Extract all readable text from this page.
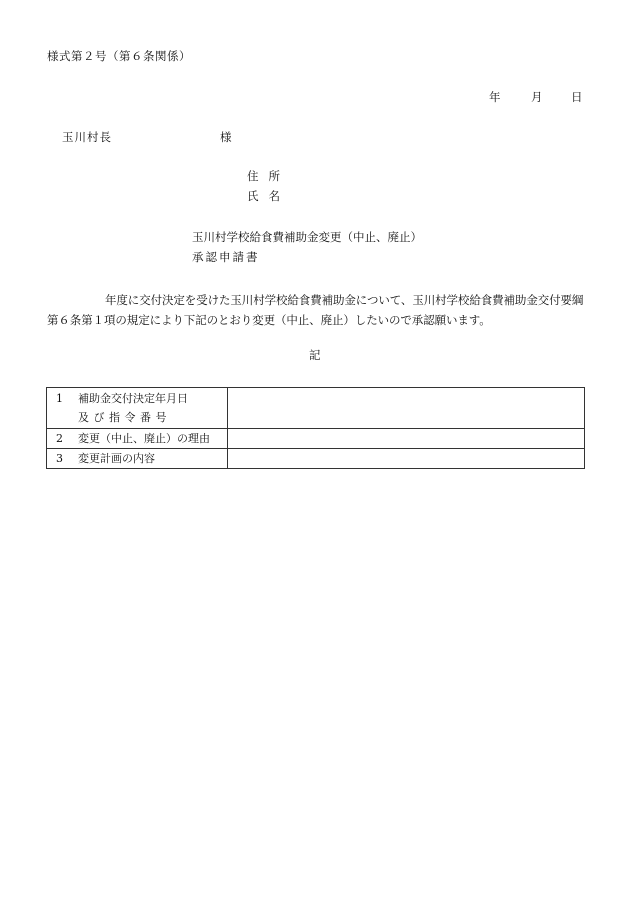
様式第２号（第６条関係）
年	月 日
玉川村長	様
住所
氏名
玉川村学校給食費補助金変更（中止、廃止）
承認申請書
年度に交付決定を受けた玉川村学校給食費補助金について、玉川村学校給食費補助金交付要綱第６条第１項の規定により下記のとおり変更（中止、廃止）したいので承認願います。
記
1 補助金交付決定年月日
及び指令番号	

2 変更（中止、廃止）の理由	

3 変更計画の内容	
